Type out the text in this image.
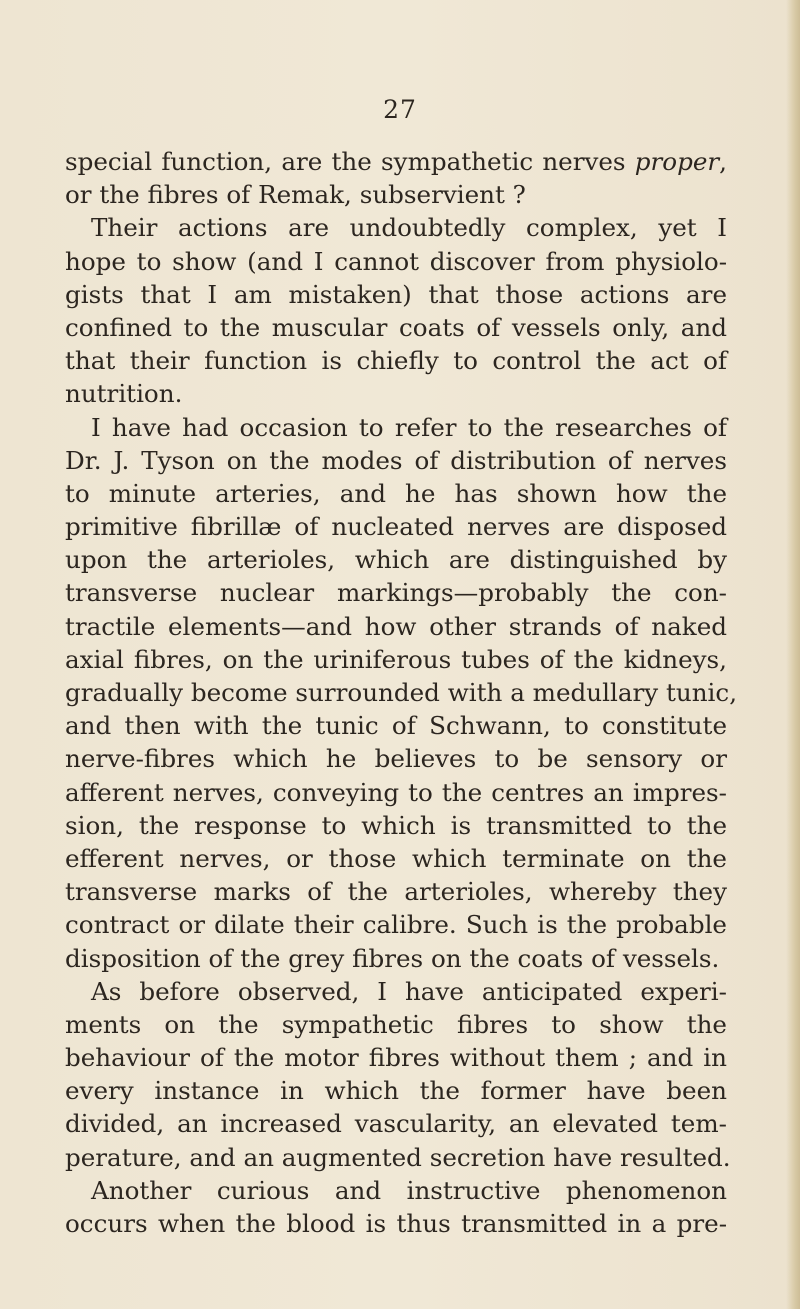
27
special function, are the sympathetic nerves proper,
or the fibres of Remak, subservient ?
Their actions are undoubtedly complex, yet I
hope to show (and I cannot discover from physiolo-
gists that I am mistaken) that those actions are
confined to the muscular coats of vessels only, and
that their function is chiefly to control the act of
nutrition.
I have had occasion to refer to the researches of
Dr. J. Tyson on the modes of distribution of nerves
to minute arteries, and he has shown how the
primitive fibrillæ of nucleated nerves are disposed
upon the arterioles, which are distinguished by
transverse nuclear markings—probably the con-
tractile elements—and how other strands of naked
axial fibres, on the uriniferous tubes of the kidneys,
gradually become surrounded with a medullary tunic,
and then with the tunic of Schwann, to constitute
nerve-fibres which he believes to be sensory or
afferent nerves, conveying to the centres an impres-
sion, the response to which is transmitted to the
efferent nerves, or those which terminate on the
transverse marks of the arterioles, whereby they
contract or dilate their calibre. Such is the probable
disposition of the grey fibres on the coats of vessels.
As before observed, I have anticipated experi-
ments on the sympathetic fibres to show the
behaviour of the motor fibres without them ; and in
every instance in which the former have been
divided, an increased vascularity, an elevated tem-
perature, and an augmented secretion have resulted.
Another curious and instructive phenomenon
occurs when the blood is thus transmitted in a pre-
